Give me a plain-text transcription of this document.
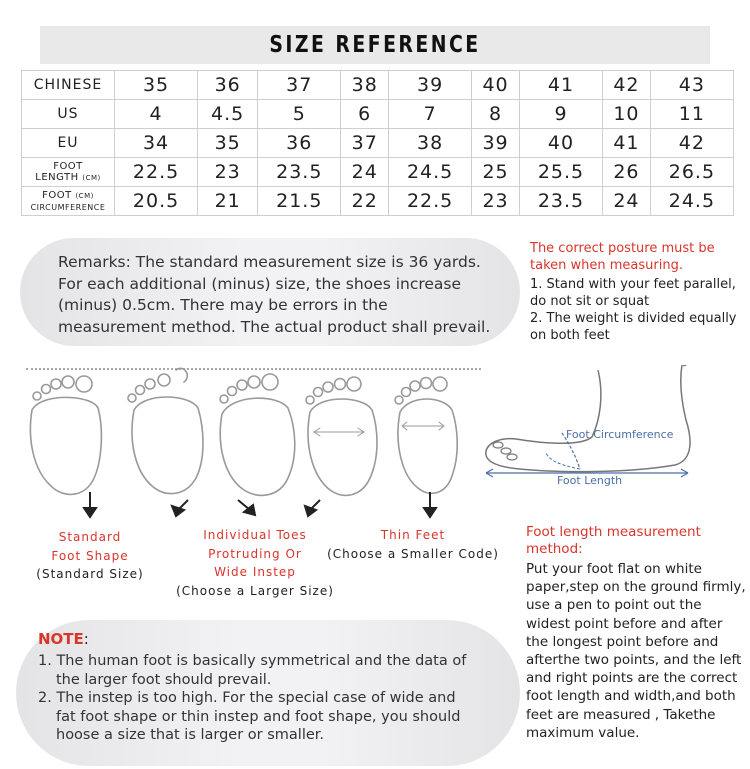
SIZE REFERENCE
CHINESE	35	36	37	38	39	40	41	42	43
US	4	4.5	5	6	7	8	9	10	11
EU	34	35	36	37	38	39	40	41	42
FOOT
LENGTH (CM)	22.5	23	23.5	24	24.5	25	25.5	26	26.5
FOOT (CM)
CIRCUMFERENCE	20.5	21	21.5	22	22.5	23	23.5	24	24.5

Remarks: The standard measurement size is 36 yards. For each additional (minus) size, the shoes increase (minus) 0.5cm. There may be errors in the measurement method. The actual product shall prevail.

The correct posture must be taken when measuring.

1. Stand with your feet parallel, do not sit or squat
2. The weight is divided equally on both feet

Standard
Foot Shape
(Standard Size)

Individual Toes
Protruding Or
Wide Instep
(Choose a Larger Size)

Thin Feet
(Choose a Smaller Code)

Foot Circumference
Foot Length

Foot length measurement method:

Put your foot flat on white paper,step on the ground firmly, use a pen to point out the widest point before and after the longest point before and afterthe two points, and the left and right points are the correct foot length and width,and both feet are measured , Takethe maximum value.

NOTE:

1. The human foot is basically symmetrical and the data of
the larger foot should prevail.
2. The instep is too high. For the special case of wide and
fat foot shape or thin instep and foot shape, you should
hoose a size that is larger or smaller.
